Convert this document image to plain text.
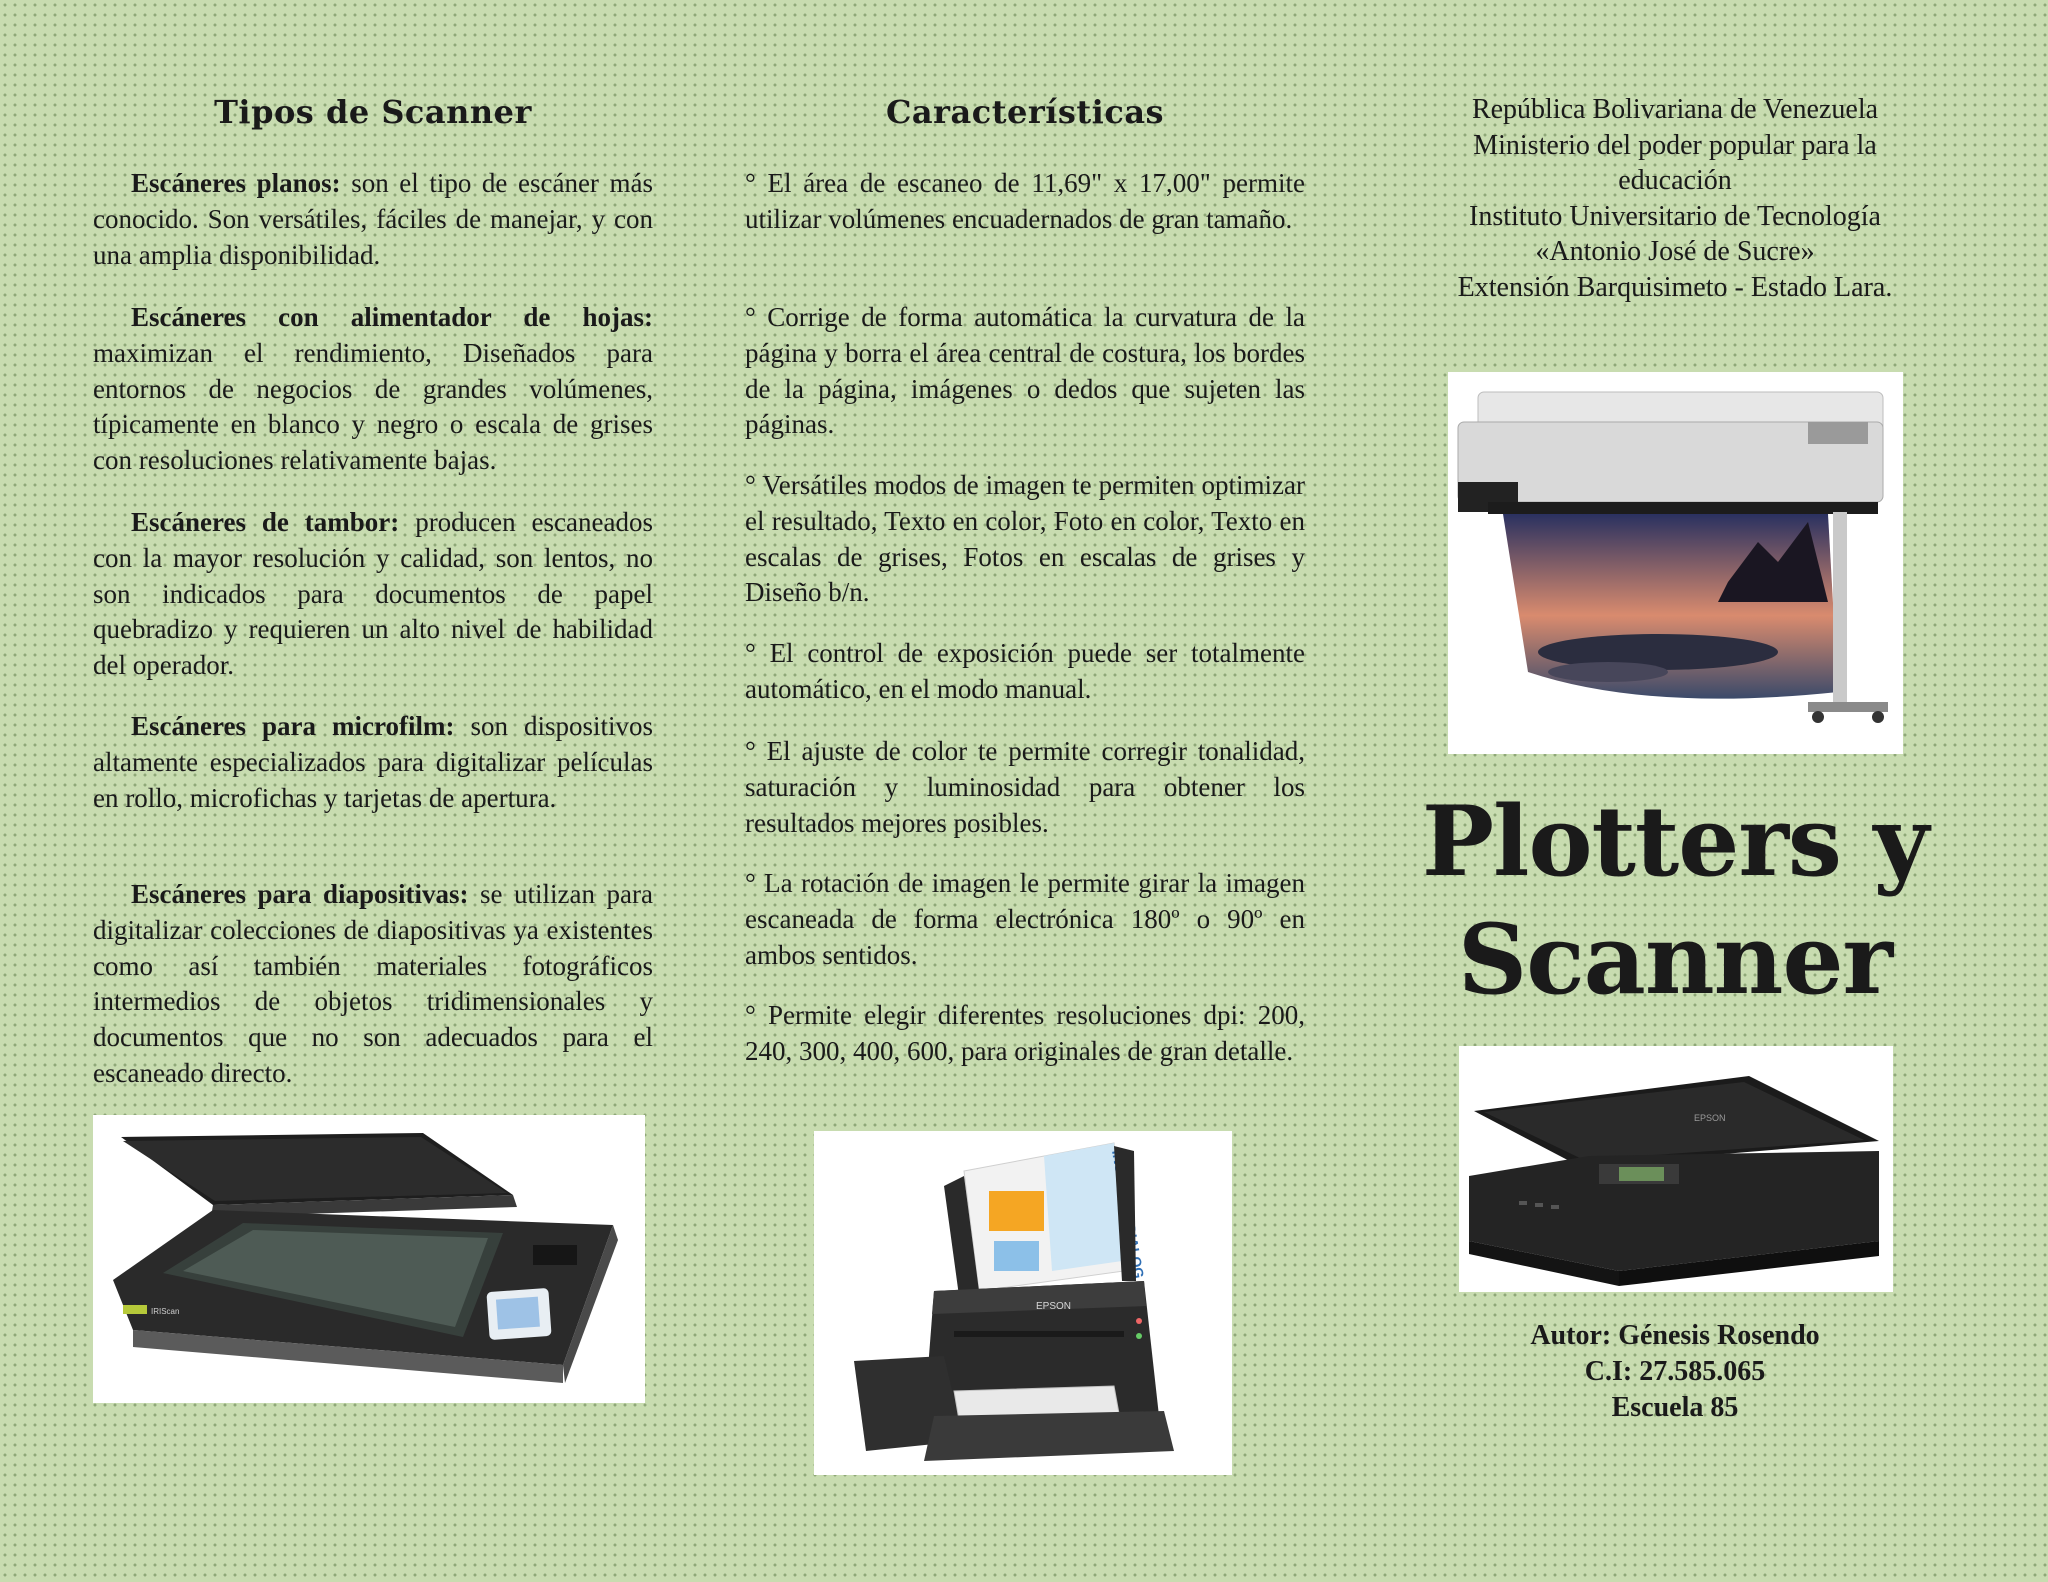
Tipos de Scanner

Escáneres planos: son el tipo de escáner más conocido. Son versátiles, fáciles de manejar, y con una amplia disponibilidad.

Escáneres con alimentador de hojas: maximizan el rendimiento, Diseñados para entornos de negocios de grandes volúmenes, típicamente en blanco y negro o escala de grises con resoluciones relativamente bajas.

Escáneres de tambor: producen escaneados con la mayor resolución y calidad, son lentos, no son indicados para documentos de papel quebradizo y requieren un alto nivel de habilidad del operador.

Escáneres para microfilm: son dispositivos altamente especializados para digitalizar películas en rollo, microfichas y tarjetas de apertura.

Escáneres para diapositivas: se utilizan para digitalizar colecciones de diapositivas ya existentes como así también materiales fotográficos intermedios de objetos tridimensionales y documentos que no son adecuados para el escaneado directo.

IRIScan
Características

° El área de escaneo de 11,69" x 17,00" permite utilizar volúmenes encuadernados de gran tamaño.

° Corrige de forma automática la curvatura de la página y borra el área central de costura, los bordes de la página, imágenes o dedos que sujeten las páginas.

° Versátiles modos de imagen te permiten optimizar el resultado, Texto en color, Foto en color, Texto en escalas de grises, Fotos en escalas de grises y Diseño b/n.

° El control de exposición puede ser totalmente automático, en el modo manual.

° El ajuste de color te permite corregir tonalidad, saturación y luminosidad para obtener los resultados mejores posibles.

° La rotación de imagen le permite girar la imagen escaneada de forma electrónica 180º o 90º en ambos sentidos.

° Permite elegir diferentes resoluciones dpi: 200, 240, 300, 400, 600, para originales de gran detalle.

EPSON
República Bolivariana de Venezuela
Ministerio del poder popular para la
educación
Instituto Universitario de Tecnología
«Antonio José de Sucre»
Extensión Barquisimeto - Estado Lara.
Plotters y
Scanner
EPSON
Autor: Génesis Rosendo
C.I: 27.585.065
Escuela 85
